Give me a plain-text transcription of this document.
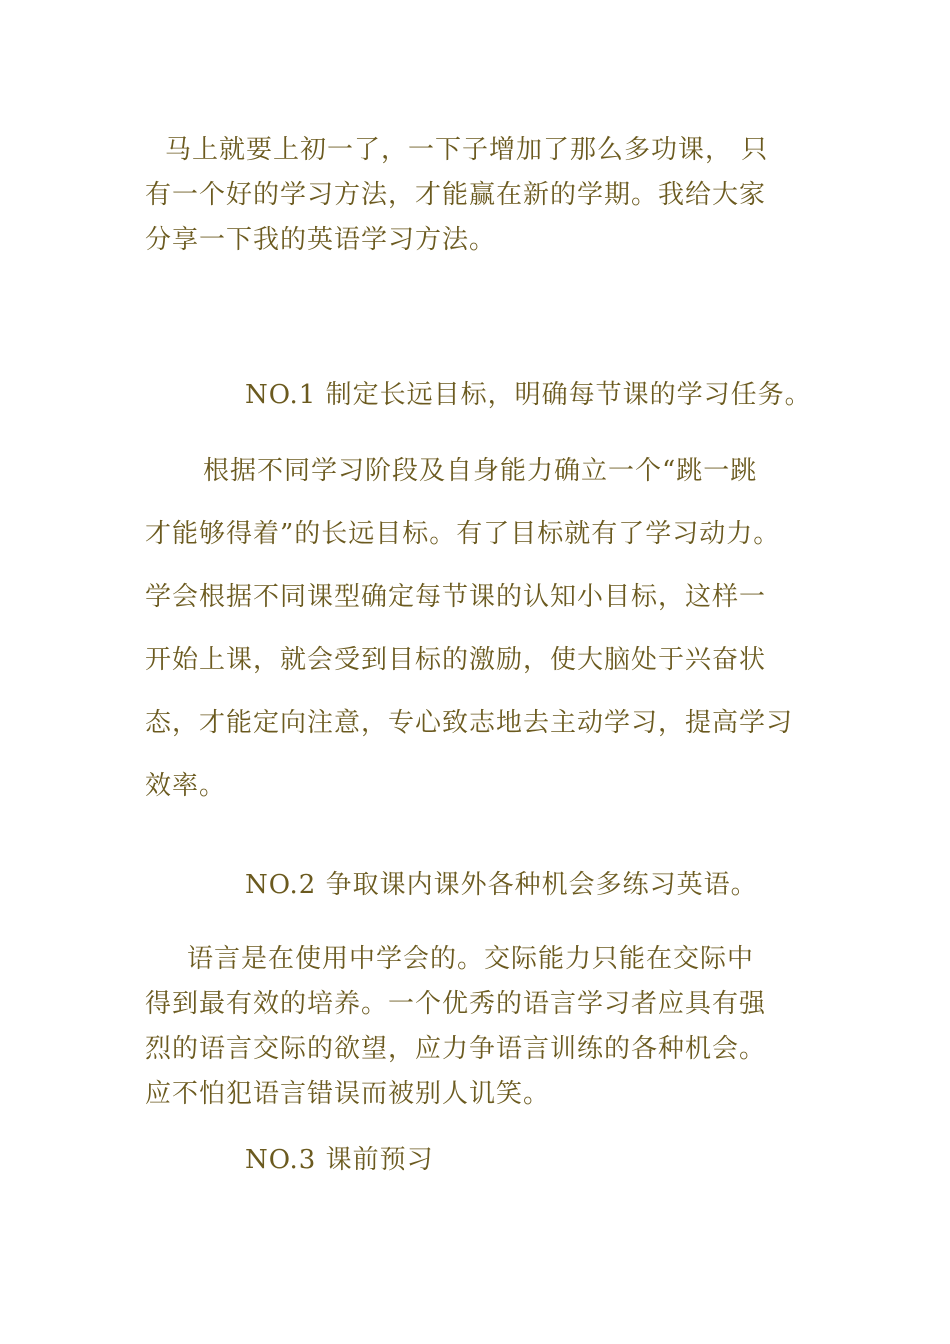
马上就要上初一了，一下子增加了那么多功课， 只
有一个好的学习方法，才能赢在新的学期。我给大家
分享一下我的英语学习方法。
NO.1 制定长远目标，明确每节课的学习任务。
根据不同学习阶段及自身能力确立一个“跳一跳
才能够得着”的长远目标。有了目标就有了学习动力。
学会根据不同课型确定每节课的认知小目标，这样一
开始上课，就会受到目标的激励，使大脑处于兴奋状
态，才能定向注意，专心致志地去主动学习，提高学习
效率。
NO.2 争取课内课外各种机会多练习英语。
语言是在使用中学会的。交际能力只能在交际中
得到最有效的培养。一个优秀的语言学习者应具有强
烈的语言交际的欲望，应力争语言训练的各种机会。
应不怕犯语言错误而被别人讥笑。
NO.3 课前预习
